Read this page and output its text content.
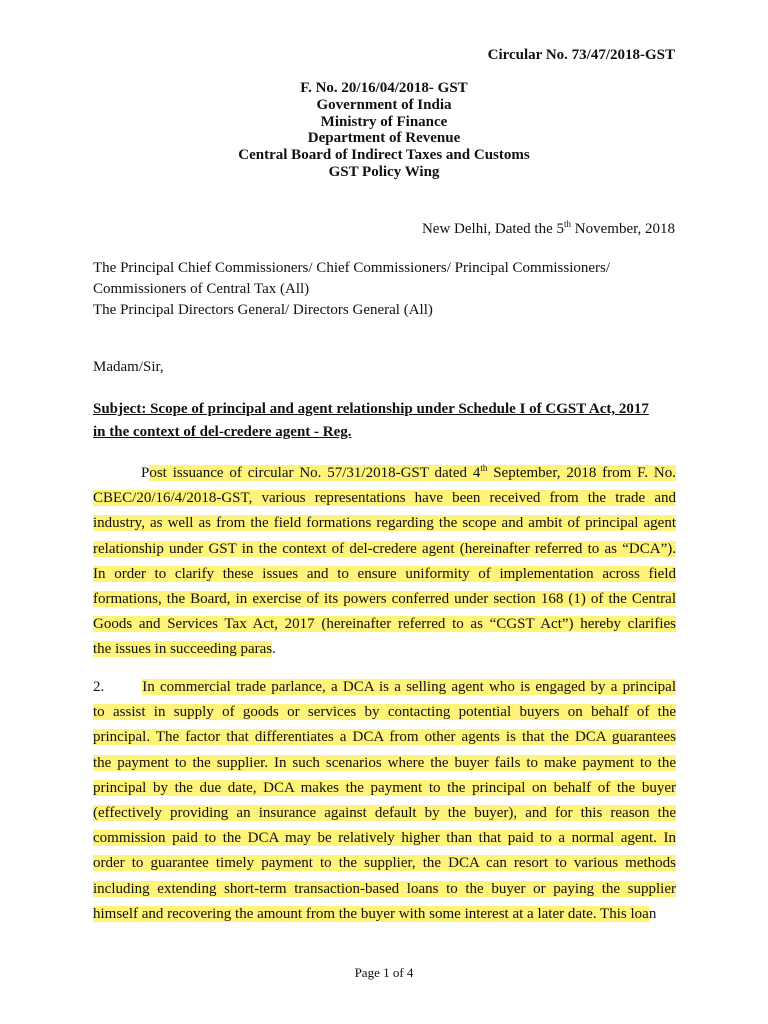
Circular No. 73/47/2018-GST
F. No. 20/16/04/2018- GST
Government of India
Ministry of Finance
Department of Revenue
Central Board of Indirect Taxes and Customs
GST Policy Wing
New Delhi, Dated the 5th November, 2018
The Principal Chief Commissioners/ Chief Commissioners/ Principal Commissioners/
Commissioners of Central Tax (All)
The Principal Directors General/ Directors General (All)
Madam/Sir,
Subject: Scope of principal and agent relationship under Schedule I of CGST Act, 2017
in the context of del-credere agent - Reg.
Post issuance of circular No. 57/31/2018-GST dated 4th September, 2018 from F. No.
CBEC/20/16/4/2018-GST, various representations have been received from the trade and
industry, as well as from the field formations regarding the scope and ambit of principal agent
relationship under GST in the context of del-credere agent (hereinafter referred to as “DCA”).
In order to clarify these issues and to ensure uniformity of implementation across field
formations, the Board, in exercise of its powers conferred under section 168 (1) of the Central
Goods and Services Tax Act, 2017 (hereinafter referred to as “CGST Act”) hereby clarifies
the issues in succeeding paras.
2.	In commercial trade parlance, a DCA is a selling agent who is engaged by a principal
to assist in supply of goods or services by contacting potential buyers on behalf of the
principal. The factor that differentiates a DCA from other agents is that the DCA guarantees
the payment to the supplier. In such scenarios where the buyer fails to make payment to the
principal by the due date, DCA makes the payment to the principal on behalf of the buyer
(effectively providing an insurance against default by the buyer), and for this reason the
commission paid to the DCA may be relatively higher than that paid to a normal agent. In
order to guarantee timely payment to the supplier, the DCA can resort to various methods
including extending short-term transaction-based loans to the buyer or paying the supplier
himself and recovering the amount from the buyer with some interest at a later date. This loan
Page 1 of 4
